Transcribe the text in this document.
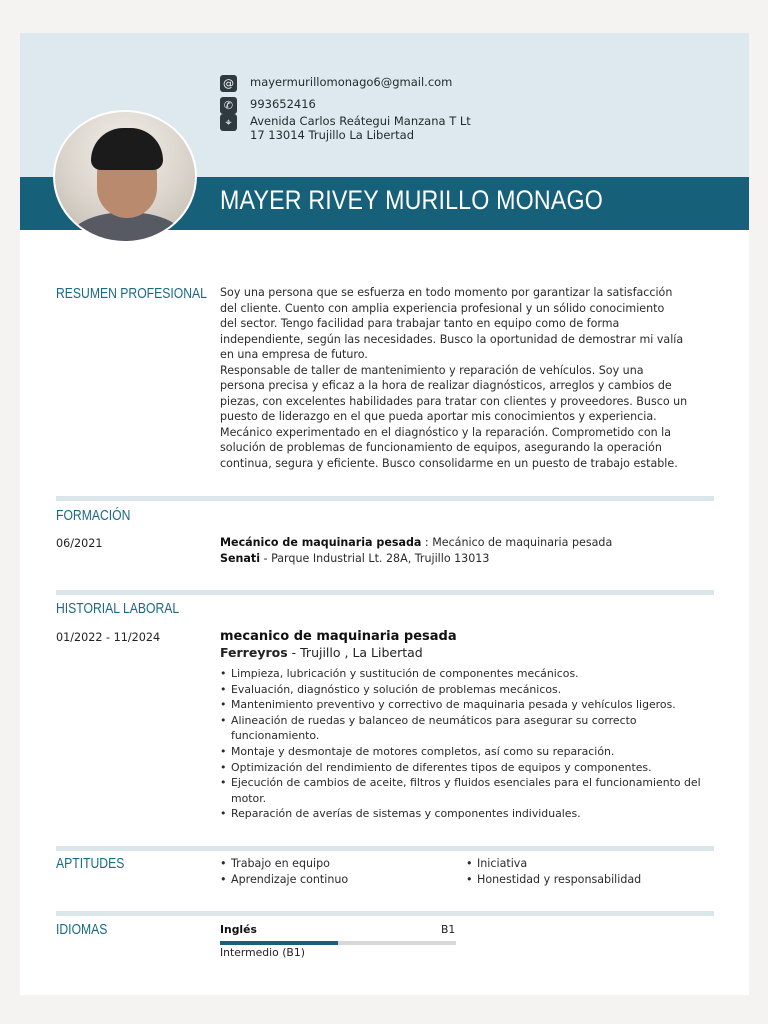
MAYER RIVEY MURILLO MONAGO
@ mayermurillomonago6@gmail.com
✆	993652416
⌖	Avenida Carlos Reátegui Manzana T Lt
17 13014 Trujillo La Libertad
RESUMEN PROFESIONAL Soy una persona que se esfuerza en todo momento por garantizar la satisfacción

del cliente. Cuento con amplia experiencia profesional y un sólido conocimiento

del sector. Tengo facilidad para trabajar tanto en equipo como de forma

independiente, según las necesidades. Busco la oportunidad de demostrar mi valía

en una empresa de futuro.

Responsable de taller de mantenimiento y reparación de vehículos. Soy una

persona precisa y eficaz a la hora de realizar diagnósticos, arreglos y cambios de

piezas, con excelentes habilidades para tratar con clientes y proveedores. Busco un

puesto de liderazgo en el que pueda aportar mis conocimientos y experiencia.

Mecánico experimentado en el diagnóstico y la reparación. Comprometido con la

solución de problemas de funcionamiento de equipos, asegurando la operación

continua, segura y eficiente. Busco consolidarme en un puesto de trabajo estable.

FORMACIÓN
06/2021	Mecánico de maquinaria pesada : Mecánico de maquinaria pesada
Senati - Parque Industrial Lt. 28A, Trujillo 13013
HISTORIAL LABORAL
01/2022 - 11/2024	mecanico de maquinaria pesada
Ferreyros - Trujillo , La Libertad
• Limpieza, lubricación y sustitución de componentes mecánicos.
• Evaluación, diagnóstico y solución de problemas mecánicos.
• Mantenimiento preventivo y correctivo de maquinaria pesada y vehículos ligeros.
• Alineación de ruedas y balanceo de neumáticos para asegurar su correcto funcionamiento.
• Montaje y desmontaje de motores completos, así como su reparación.
• Optimización del rendimiento de diferentes tipos de equipos y componentes.
• Ejecución de cambios de aceite, filtros y fluidos esenciales para el funcionamiento del motor.
• Reparación de averías de sistemas y componentes individuales.
APTITUDES	• Trabajo en equipo	• Iniciativa
• Aprendizaje continuo	• Honestidad y responsabilidad
IDIOMAS	Inglés	B1
Intermedio (B1)
